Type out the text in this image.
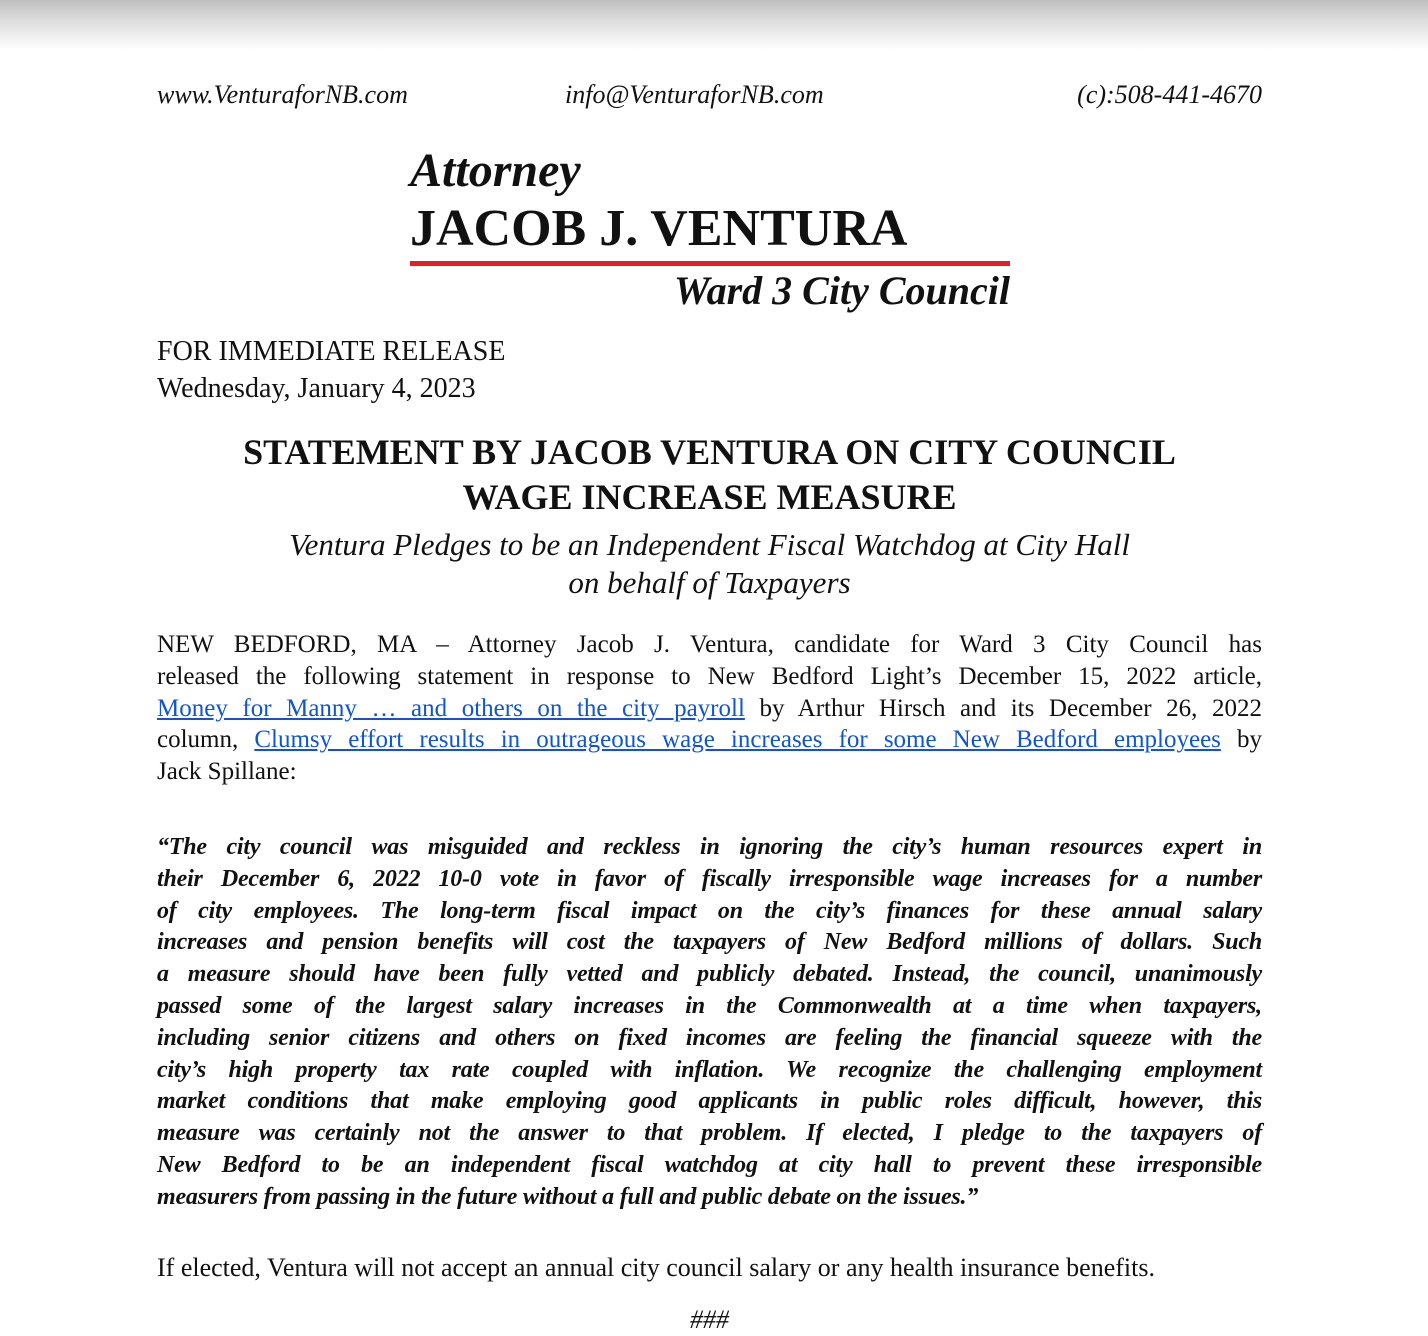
www.VenturaforNB.com	info@VenturaforNB.com	(c):508-441-4670
Attorney
JACOB J. VENTURA
Ward 3 City Council
FOR IMMEDIATE RELEASE
Wednesday, January 4, 2023
STATEMENT BY JACOB VENTURA ON CITY COUNCIL
WAGE INCREASE MEASURE
Ventura Pledges to be an Independent Fiscal Watchdog at City Hall
on behalf of Taxpayers
NEW BEDFORD, MA – Attorney Jacob J. Ventura, candidate for Ward 3 City Council has
released the following statement in response to New Bedford Light’s December 15, 2022 article,
Money for Manny … and others on the city payroll by Arthur Hirsch and its December 26, 2022
column, Clumsy effort results in outrageous wage increases for some New Bedford employees by
Jack Spillane:
“The city council was misguided and reckless in ignoring the city’s human resources expert in
their December 6, 2022 10-0 vote in favor of fiscally irresponsible wage increases for a number
of city employees. The long-term fiscal impact on the city’s finances for these annual salary
increases and pension benefits will cost the taxpayers of New Bedford millions of dollars. Such
a measure should have been fully vetted and publicly debated. Instead, the council, unanimously
passed some of the largest salary increases in the Commonwealth at a time when taxpayers,
including senior citizens and others on fixed incomes are feeling the financial squeeze with the
city’s high property tax rate coupled with inflation. We recognize the challenging employment
market conditions that make employing good applicants in public roles difficult, however, this
measure was certainly not the answer to that problem. If elected, I pledge to the taxpayers of
New Bedford to be an independent fiscal watchdog at city hall to prevent these irresponsible
measurers from passing in the future without a full and public debate on the issues.”
If elected, Ventura will not accept an annual city council salary or any health insurance benefits.
###
